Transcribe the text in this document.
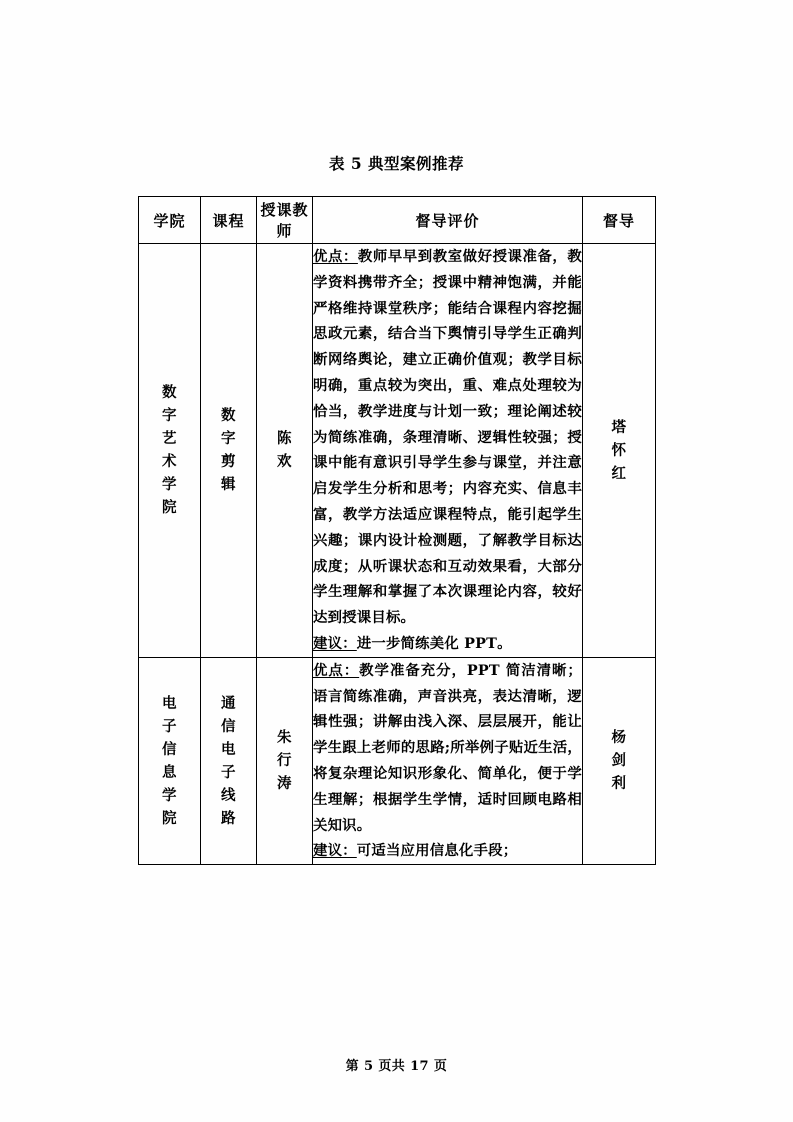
表 5 典型案例推荐
学院	课程	授课教师	督导评价	督导

数字艺术学院	数字剪辑	陈欢	优点：教师早早到教室做好授课准备，教学资料携带齐全；授课中精神饱满，并能严格维持课堂秩序；能结合课程内容挖掘思政元素，结合当下舆情引导学生正确判断网络舆论，建立正确价值观；教学目标明确，重点较为突出，重、难点处理较为恰当，教学进度与计划一致；理论阐述较为简练准确，条理清晰、逻辑性较强；授课中能有意识引导学生参与课堂，并注意启发学生分析和思考；内容充实、信息丰富，教学方法适应课程特点，能引起学生兴趣；课内设计检测题，了解教学目标达成度；从听课状态和互动效果看，大部分学生理解和掌握了本次课理论内容，较好达到授课目标。

建议：进一步简练美化 PPT。	塔怀红

电子信息学院	通信电子线路	朱行涛	优点：教学准备充分，PPT 简洁清晰；语言简练准确，声音洪亮，表达清晰，逻辑性强；讲解由浅入深、层层展开，能让学生跟上老师的思路;所举例子贴近生活，将复杂理论知识形象化、简单化，便于学生理解；根据学生学情，适时回顾电路相关知识。

建议：可适当应用信息化手段；	杨剑利
第 5 页共 17 页
